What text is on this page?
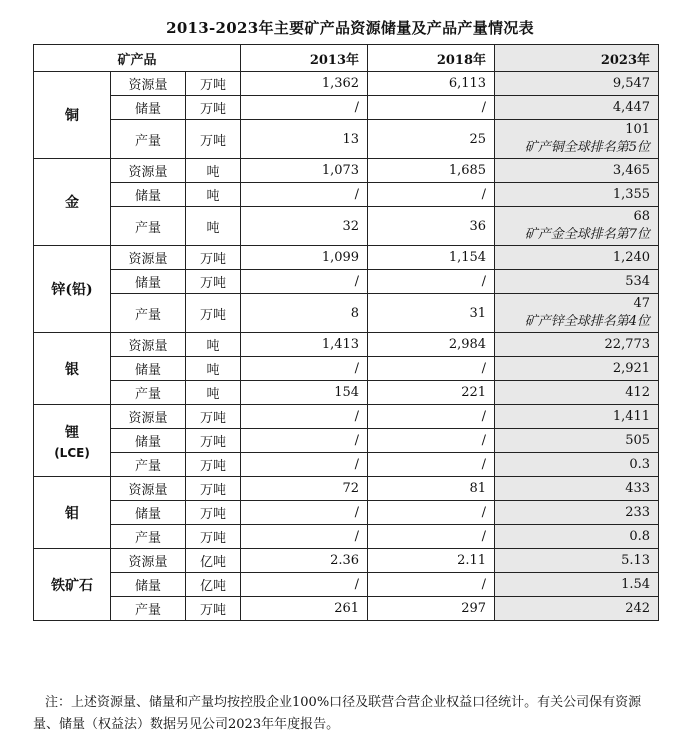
2013-2023年主要矿产品资源储量及产品产量情况表
矿产品			2013年	2018年	2023年

铜	资源量	万吨	1,362	6,113	9,547
	储量	万吨	/	/	4,447
	产量	万吨	13	25	101
矿产铜全球排名第5位

金	资源量	吨	1,073	1,685	3,465
	储量	吨	/	/	1,355
	产量	吨	32	36	68
矿产金全球排名第7位

锌(铅)	资源量	万吨	1,099	1,154	1,240
	储量	万吨	/	/	534
	产量	万吨	8	31	47
矿产锌全球排名第4位

银	资源量	吨	1,413	2,984	22,773
	储量	吨	/	/	2,921
	产量	吨	154	221	412

锂
(LCE)	资源量	万吨	/	/	1,411
	储量	万吨	/	/	505
	产量	万吨	/	/	0.3

钼	资源量	万吨	72	81	433
	储量	万吨	/	/	233
	产量	万吨	/	/	0.8

铁矿石	资源量	亿吨	2.36	2.11	5.13
	储量	亿吨	/	/	1.54
	产量	万吨	261	297	242
注：上述资源量、储量和产量均按控股企业100%口径及联营合营企业权益口径统计。有关公司保有资源量、储量（权益法）数据另见公司2023年年度报告。
